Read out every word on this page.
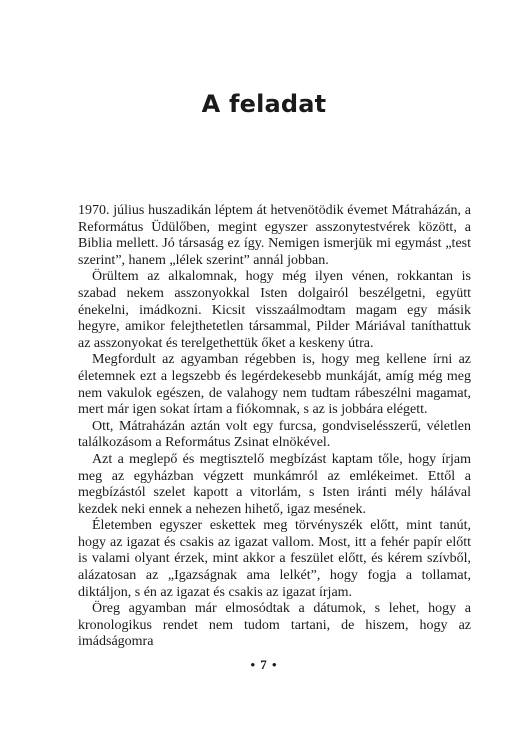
A feladat

1970. július huszadikán léptem át hetvenötödik évemet Mátraházán, a Református Üdülőben, megint egyszer asszonytestvérek között, a Biblia mellett. Jó társaság ez így. Nemigen ismerjük mi egymást „test szerint”, hanem „lélek szerint” annál jobban.

Örültem az alkalomnak, hogy még ilyen vénen, rokkantan is szabad nekem asszonyokkal Isten dolgairól beszélgetni, együtt énekelni, imádkozni. Kicsit visszaálmodtam magam egy másik hegyre, amikor felejthetetlen társammal, Pilder Máriával taníthattuk az asszonyokat és terelgethettük őket a keskeny útra.

Megfordult az agyamban régebben is, hogy meg kellene írni az életemnek ezt a legszebb és legérdekesebb munkáját, amíg még meg nem vakulok egészen, de valahogy nem tudtam rábeszélni magamat, mert már igen sokat írtam a fiókomnak, s az is jobbára elégett.

Ott, Mátraházán aztán volt egy furcsa, gondviselésszerű, véletlen találkozásom a Református Zsinat elnökével.

Azt a meglepő és megtisztelő megbízást kaptam tőle, hogy írjam meg az egyházban végzett munkámról az emlékeimet. Ettől a megbízástól szelet kapott a vitorlám, s Isten iránti mély hálával kezdek neki ennek a nehezen hihető, igaz mesének.

Életemben egyszer eskettek meg törvényszék előtt, mint tanút, hogy az igazat és csakis az igazat vallom. Most, itt a fehér papír előtt is valami olyant érzek, mint akkor a feszület előtt, és kérem szívből, alázatosan az „Igazságnak ama lelkét”, hogy fogja a tollamat, diktáljon, s én az igazat és csakis az igazat írjam.

Öreg agyamban már elmosódtak a dátumok, s lehet, hogy a kronologikus rendet nem tudom tartani, de hiszem, hogy az imádságomra

• 7 •
